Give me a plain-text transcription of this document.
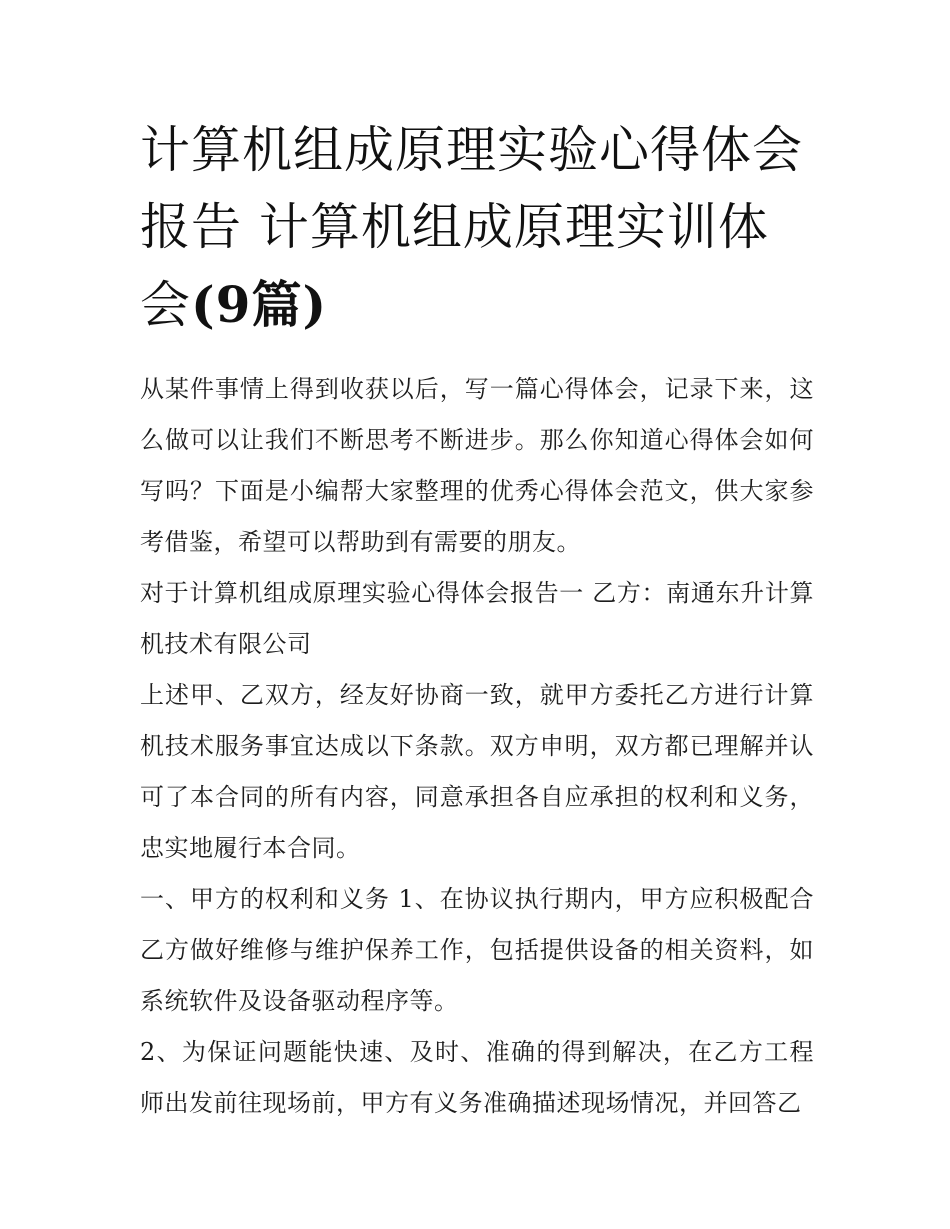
计算机组成原理实验心得体会报告 计算机组成原理实训体会(9篇)

从某件事情上得到收获以后，写一篇心得体会，记录下来，这么做可以让我们不断思考不断进步。那么你知道心得体会如何写吗？下面是小编帮大家整理的优秀心得体会范文，供大家参考借鉴，希望可以帮助到有需要的朋友。

对于计算机组成原理实验心得体会报告一 乙方：南通东升计算机技术有限公司

上述甲、乙双方，经友好协商一致，就甲方委托乙方进行计算机技术服务事宜达成以下条款。双方申明，双方都已理解并认可了本合同的所有内容，同意承担各自应承担的权利和义务，忠实地履行本合同。

一、甲方的权利和义务 1、在协议执行期内，甲方应积极配合乙方做好维修与维护保养工作，包括提供设备的相关资料，如系统软件及设备驱动程序等。

2、为保证问题能快速、及时、准确的得到解决，在乙方工程师出发前往现场前，甲方有义务准确描述现场情况，并回答乙
